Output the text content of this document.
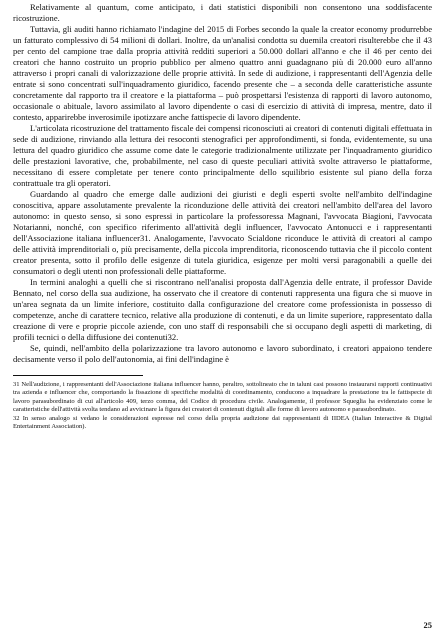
Relativamente al quantum, come anticipato, i dati statistici disponibili non consentono una soddisfacente ricostruzione.

Tuttavia, gli auditi hanno richiamato l'indagine del 2015 di Forbes secondo la quale la creator economy produrrebbe un fatturato complessivo di 54 milioni di dollari. Inoltre, da un'analisi condotta su duemila creatori risulterebbe che il 43 per cento del campione trae dalla propria attività redditi superiori a 50.000 dollari all'anno e che il 46 per cento dei creatori che hanno costruito un proprio pubblico per almeno quattro anni guadagnano più di 20.000 euro all'anno attraverso i propri canali di valorizzazione delle proprie attività. In sede di audizione, i rappresentanti dell'Agenzia delle entrate si sono concentrati sull'inquadramento giuridico, facendo presente che – a seconda delle caratteristiche assunte concretamente dal rapporto tra il creatore e la piattaforma – può prospettarsi l'esistenza di rapporti di lavoro autonomo, occasionale o abituale, lavoro assimilato al lavoro dipendente o casi di esercizio di attività di impresa, mentre, dato il contesto, apparirebbe inverosimile ipotizzare anche fattispecie di lavoro dipendente.

L'articolata ricostruzione del trattamento fiscale dei compensi riconosciuti ai creatori di contenuti digitali effettuata in sede di audizione, rinviando alla lettura dei resoconti stenografici per approfondimenti, si fonda, evidentemente, su una lettura del quadro giuridico che assume come date le categorie tradizionalmente utilizzate per l'inquadramento giuridico delle prestazioni lavorative, che, probabilmente, nel caso di queste peculiari attività svolte attraverso le piattaforme, necessitano di essere completate per tenere conto principalmente dello squilibrio esistente sul piano della forza contrattuale tra gli operatori.

Guardando al quadro che emerge dalle audizioni dei giuristi e degli esperti svolte nell'ambito dell'indagine conoscitiva, appare assolutamente prevalente la riconduzione delle attività dei creatori nell'ambito dell'area del lavoro autonomo: in questo senso, si sono espressi in particolare la professoressa Magnani, l'avvocata Biagioni, l'avvocata Notarianni, nonché, con specifico riferimento all'attività degli influencer, l'avvocato Antonucci e i rappresentanti dell'Associazione italiana influencer31. Analogamente, l'avvocato Scialdone riconduce le attività di creatori al campo delle attività imprenditoriali o, più precisamente, della piccola imprenditoria, riconoscendo tuttavia che il piccolo content creator presenta, sotto il profilo delle esigenze di tutela giuridica, esigenze per molti versi paragonabili a quelle dei consumatori o degli utenti non professionali delle piattaforme.

In termini analoghi a quelli che si riscontrano nell'analisi proposta dall'Agenzia delle entrate, il professor Davide Bennato, nel corso della sua audizione, ha osservato che il creatore di contenuti rappresenta una figura che si muove in un'area segnata da un limite inferiore, costituito dalla configurazione del creatore come professionista in possesso di competenze, anche di carattere tecnico, relative alla produzione di contenuti, e da un limite superiore, rappresentato dalla creazione di vere e proprie piccole aziende, con uno staff di responsabili che si occupano degli aspetti di marketing, di profili tecnici o della diffusione dei contenuti32.

Se, quindi, nell'ambito della polarizzazione tra lavoro autonomo e lavoro subordinato, i creatori appaiono tendere decisamente verso il polo dell'autonomia, ai fini dell'indagine è

31 Nell'audizione, i rappresentanti dell'Associazione italiana influencer hanno, peraltro, sottolineato che in taluni casi possono instaurarsi rapporti continuativi tra azienda e influencer che, comportando la fissazione di specifiche modalità di coordinamento, conducono a inquadrare la prestazione tra le fattispecie di lavoro parasubordinato di cui all'articolo 409, terzo comma, del Codice di procedura civile. Analogamente, il professor Squeglia ha evidenziato come le caratteristiche dell'attività svolta tendano ad avvicinare la figura dei creatori di contenuti digitali alle forme di lavoro autonomo e parasubordinato.

32 In senso analogo si vedano le considerazioni espresse nel corso della propria audizione dai rappresentanti di IIDEA (Italian Interactive & Digital Entertainment Association).

25
